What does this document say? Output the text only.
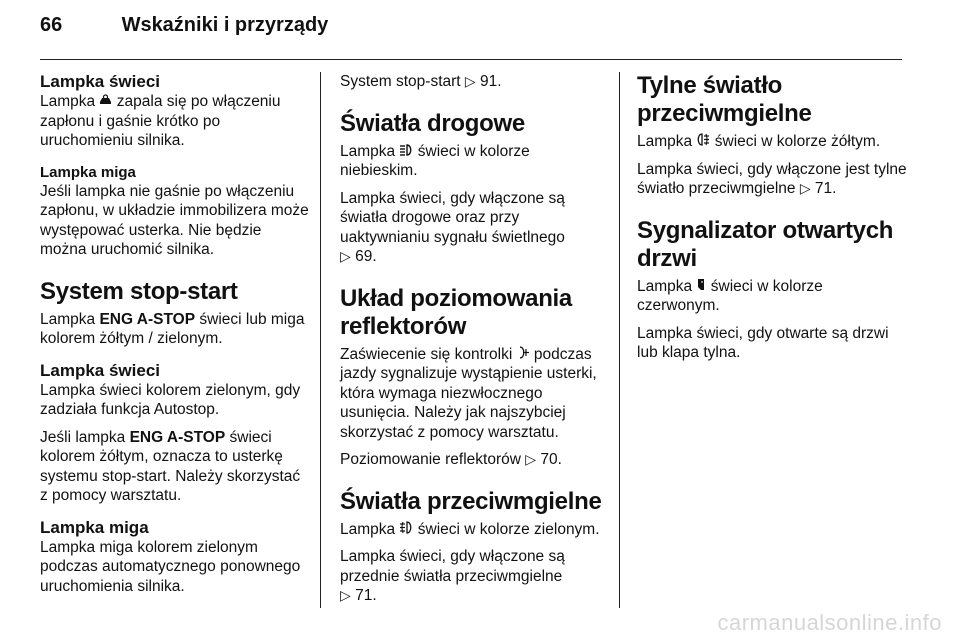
66	Wskaźniki i przyrządy
Lampka świeci

Lampka zapala się po włączeniu zapłonu i gaśnie krótko po uruchomieniu silnika.

Lampka miga

Jeśli lampka nie gaśnie po włączeniu zapłonu, w układzie immobilizera może występować usterka. Nie będzie można uruchomić silnika.

System stop-start

Lampka ENG A-STOP świeci lub miga kolorem żółtym / zielonym.

Lampka świeci

Lampka świeci kolorem zielonym, gdy zadziała funkcja Autostop.

Jeśli lampka ENG A-STOP świeci kolorem żółtym, oznacza to usterkę systemu stop-start. Należy skorzystać z pomocy warsztatu.

Lampka miga

Lampka miga kolorem zielonym podczas automatycznego ponownego uruchomienia silnika.

System stop-start ▷ 91.

Światła drogowe

Lampka świeci w kolorze niebieskim.

Lampka świeci, gdy włączone są światła drogowe oraz przy uaktywnianiu sygnału świetlnego
▷ 69.

Układ poziomowania reflektorów

Zaświecenie się kontrolki podczas jazdy sygnalizuje wystąpienie usterki, która wymaga niezwłocznego usunięcia. Należy jak najszybciej skorzystać z pomocy warsztatu.

Poziomowanie reflektorów ▷ 70.

Światła przeciwmgielne

Lampka świeci w kolorze zielonym.

Lampka świeci, gdy włączone są przednie światła przeciwmgielne
▷ 71.

Tylne światło przeciwmgielne

Lampka świeci w kolorze żółtym.

Lampka świeci, gdy włączone jest tylne światło przeciwmgielne ▷ 71.

Sygnalizator otwartych drzwi

Lampka świeci w kolorze czerwonym.

Lampka świeci, gdy otwarte są drzwi lub klapa tylna.

carmanualsonline.info
